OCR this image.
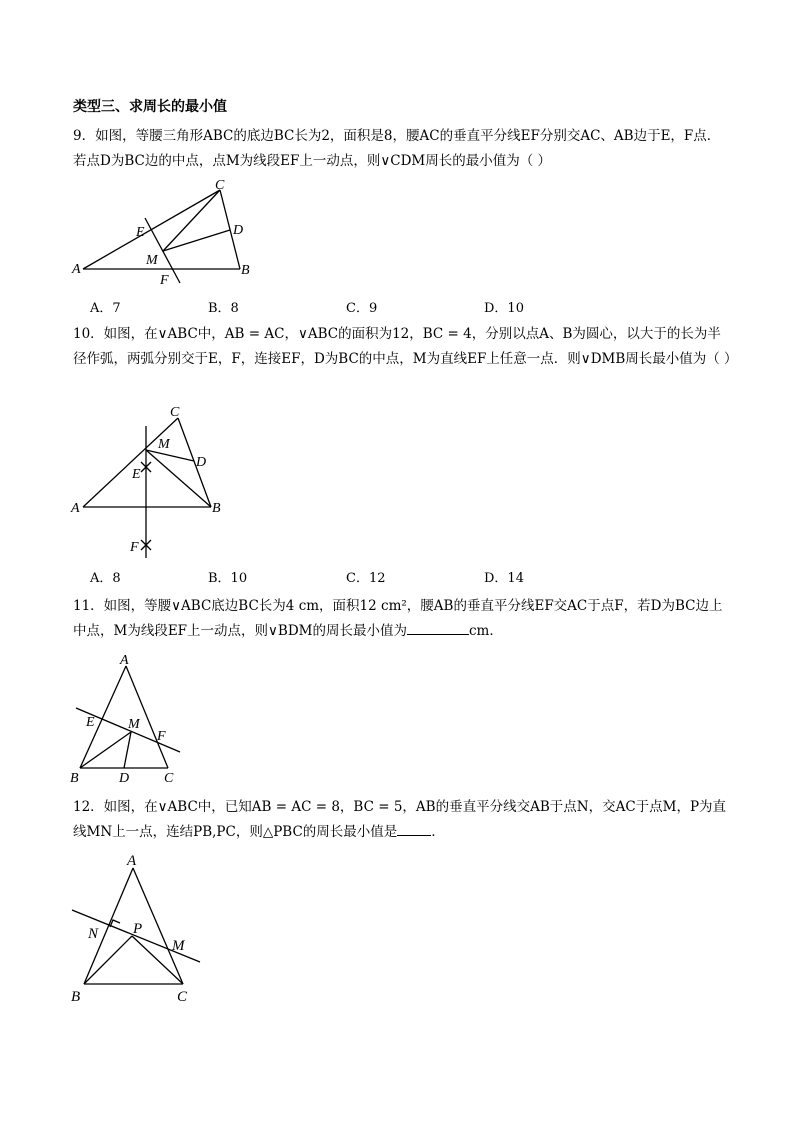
类型三、求周长的最小值
9．如图，等腰三角形ABC的底边BC长为2，面积是8，腰AC的垂直平分线EF分别交AC、AB边于E，F点．若点D为BC边的中点，点M为线段EF上一动点，则∨CDM周长的最小值为（ ）
C
E	D
M
A	B
F
A．7	B．8	C．9	D．10
10．如图，在∨ABC中，AB = AC，∨ABC的面积为12，BC = 4，分别以点A、B为圆心，以大于的长为半径作弧，两弧分别交于E，F，连接EF，D为BC的中点，M为直线EF上任意一点．则∨DMB周长最小值为（ ）
C
M
D
E
A	B
F
A．8	B．10	C．12	D．14
11．如图，等腰∨ABC底边BC长为4 cm，面积12 cm²，腰AB的垂直平分线EF交AC于点F，若D为BC边上中点，M为线段EF上一动点，则∨BDM的周长最小值为	cm．
A
E M
F
B	D C
12．如图，在∨ABC中，已知AB = AC = 8，BC = 5，AB的垂直平分线交AB于点N，交AC于点M，P为直线MN上一点，连结PB,PC，则△PBC的周长最小值是	．
A
N P
M
B	C
